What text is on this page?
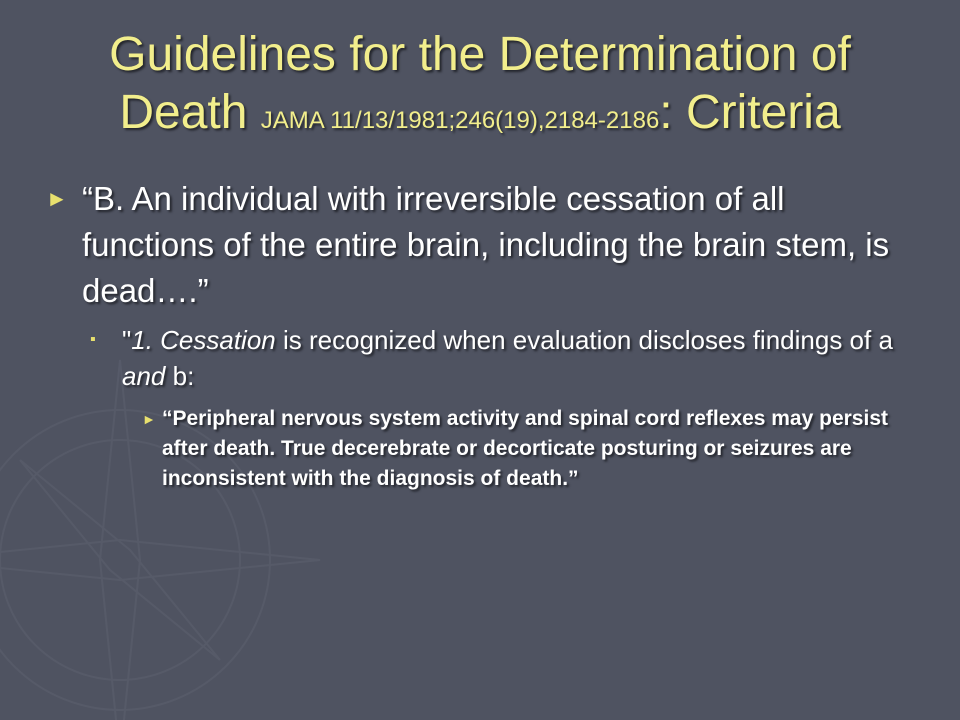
Guidelines for the Determination of Death JAMA 11/13/1981;246(19),2184-2186: Criteria

► “B. An individual with irreversible cessation of all functions of the entire brain, including the brain stem, is dead….”

▪ "1. Cessation is recognized when evaluation discloses findings of a and b:

► “Peripheral nervous system activity and spinal cord reflexes may persist after death. True decerebrate or decorticate posturing or seizures are inconsistent with the diagnosis of death.”
